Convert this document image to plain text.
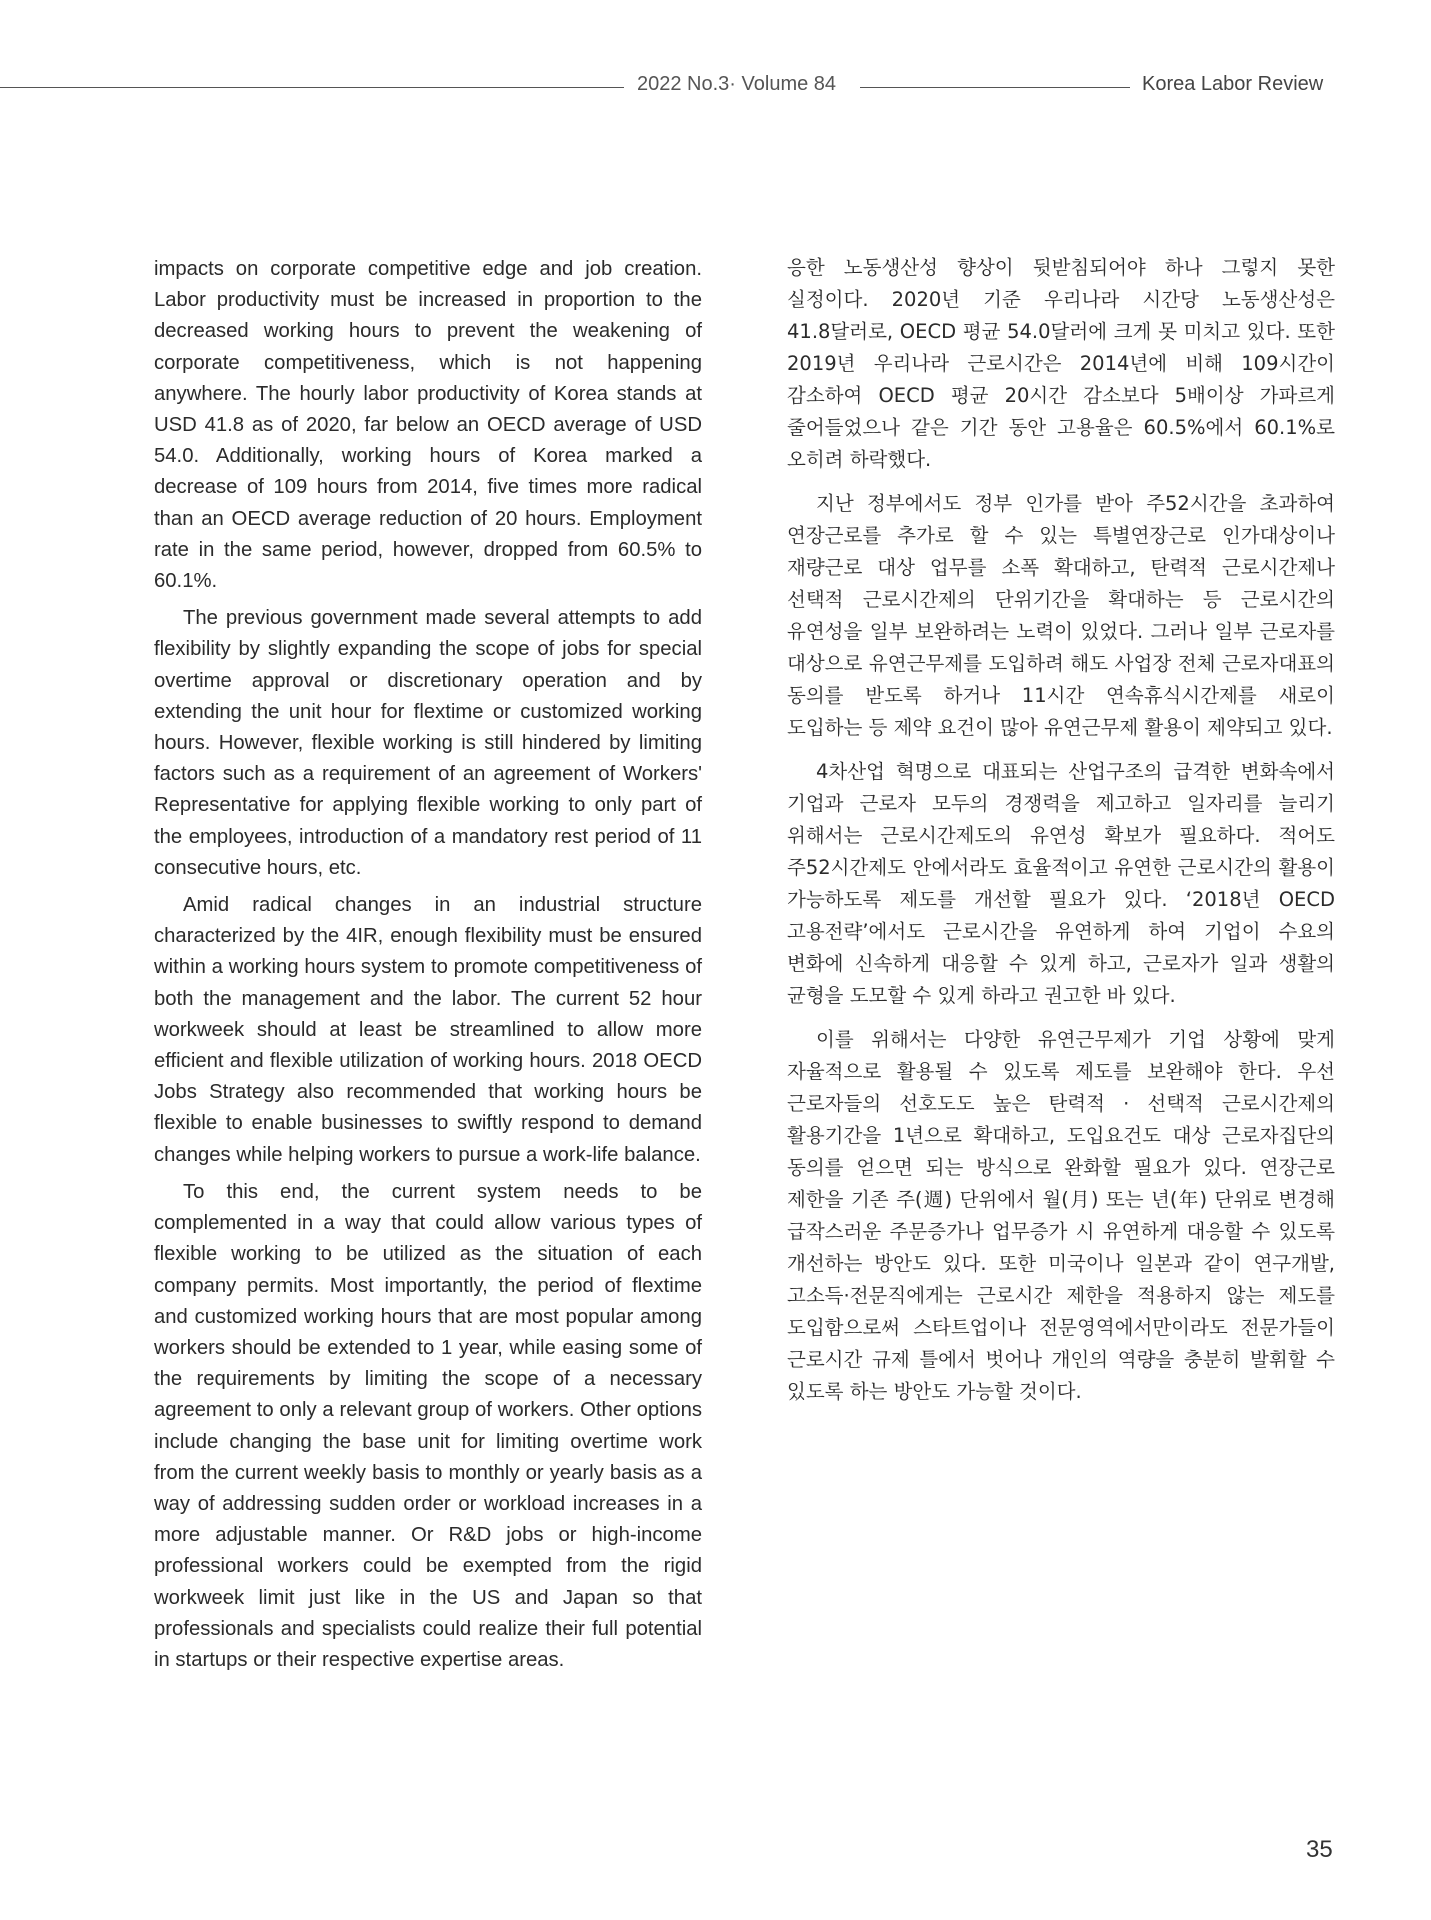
2022 No.3· Volume 84	Korea Labor Review

impacts on corporate competitive edge and job creation. Labor productivity must be increased in proportion to the decreased working hours to prevent the weakening of corporate competitiveness, which is not happening anywhere. The hourly labor productivity of Korea stands at USD 41.8 as of 2020, far below an OECD average of USD 54.0. Additionally, working hours of Korea marked a decrease of 109 hours from 2014, five times more radical than an OECD average reduction of 20 hours. Employment rate in the same period, however, dropped from 60.5% to 60.1%.

The previous government made several attempts to add flexibility by slightly expanding the scope of jobs for special overtime approval or discretionary operation and by extending the unit hour for flextime or customized working hours. However, flexible working is still hindered by limiting factors such as a requirement of an agreement of Workers' Representative for applying flexible working to only part of the employees, introduction of a mandatory rest period of 11 consecutive hours, etc.

Amid radical changes in an industrial structure characterized by the 4IR, enough flexibility must be ensured within a working hours system to promote competitiveness of both the management and the labor. The current 52 hour workweek should at least be streamlined to allow more efficient and flexible utilization of working hours. 2018 OECD Jobs Strategy also recommended that working hours be flexible to enable businesses to swiftly respond to demand changes while helping workers to pursue a work-life balance.

To this end, the current system needs to be complemented in a way that could allow various types of flexible working to be utilized as the situation of each company permits. Most importantly, the period of flextime and customized working hours that are most popular among workers should be extended to 1 year, while easing some of the requirements by limiting the scope of a necessary agreement to only a relevant group of workers. Other options include changing the base unit for limiting overtime work from the current weekly basis to monthly or yearly basis as a way of addressing sudden order or workload increases in a more adjustable manner. Or R&D jobs or high-income professional workers could be exempted from the rigid workweek limit just like in the US and Japan so that professionals and specialists could realize their full potential in startups or their respective expertise areas.

응한 노동생산성 향상이 뒷받침되어야 하나 그렇지 못한 실정이다. 2020년 기준 우리나라 시간당 노동생산성은 41.8달러로, OECD 평균 54.0달러에 크게 못 미치고 있다. 또한 2019년 우리나라 근로시간은 2014년에 비해 109시간이 감소하여 OECD 평균 20시간 감소보다 5배이상 가파르게 줄어들었으나 같은 기간 동안 고용율은 60.5%에서 60.1%로 오히려 하락했다.

지난 정부에서도 정부 인가를 받아 주52시간을 초과하여 연장근로를 추가로 할 수 있는 특별연장근로 인가대상이나 재량근로 대상 업무를 소폭 확대하고, 탄력적 근로시간제나 선택적 근로시간제의 단위기간을 확대하는 등 근로시간의 유연성을 일부 보완하려는 노력이 있었다. 그러나 일부 근로자를 대상으로 유연근무제를 도입하려 해도 사업장 전체 근로자대표의 동의를 받도록 하거나 11시간 연속휴식시간제를 새로이 도입하는 등 제약 요건이 많아 유연근무제 활용이 제약되고 있다.

4차산업 혁명으로 대표되는 산업구조의 급격한 변화속에서 기업과 근로자 모두의 경쟁력을 제고하고 일자리를 늘리기 위해서는 근로시간제도의 유연성 확보가 필요하다. 적어도 주52시간제도 안에서라도 효율적이고 유연한 근로시간의 활용이 가능하도록 제도를 개선할 필요가 있다. ‘2018년 OECD 고용전략’에서도 근로시간을 유연하게 하여 기업이 수요의 변화에 신속하게 대응할 수 있게 하고, 근로자가 일과 생활의 균형을 도모할 수 있게 하라고 권고한 바 있다.

이를 위해서는 다양한 유연근무제가 기업 상황에 맞게 자율적으로 활용될 수 있도록 제도를 보완해야 한다. 우선 근로자들의 선호도도 높은 탄력적 · 선택적 근로시간제의 활용기간을 1년으로 확대하고, 도입요건도 대상 근로자집단의 동의를 얻으면 되는 방식으로 완화할 필요가 있다. 연장근로 제한을 기존 주(週) 단위에서 월(月) 또는 년(年) 단위로 변경해 급작스러운 주문증가나 업무증가 시 유연하게 대응할 수 있도록 개선하는 방안도 있다. 또한 미국이나 일본과 같이 연구개발, 고소득·전문직에게는 근로시간 제한을 적용하지 않는 제도를 도입함으로써 스타트업이나 전문영역에서만이라도 전문가들이 근로시간 규제 틀에서 벗어나 개인의 역량을 충분히 발휘할 수 있도록 하는 방안도 가능할 것이다.

35
